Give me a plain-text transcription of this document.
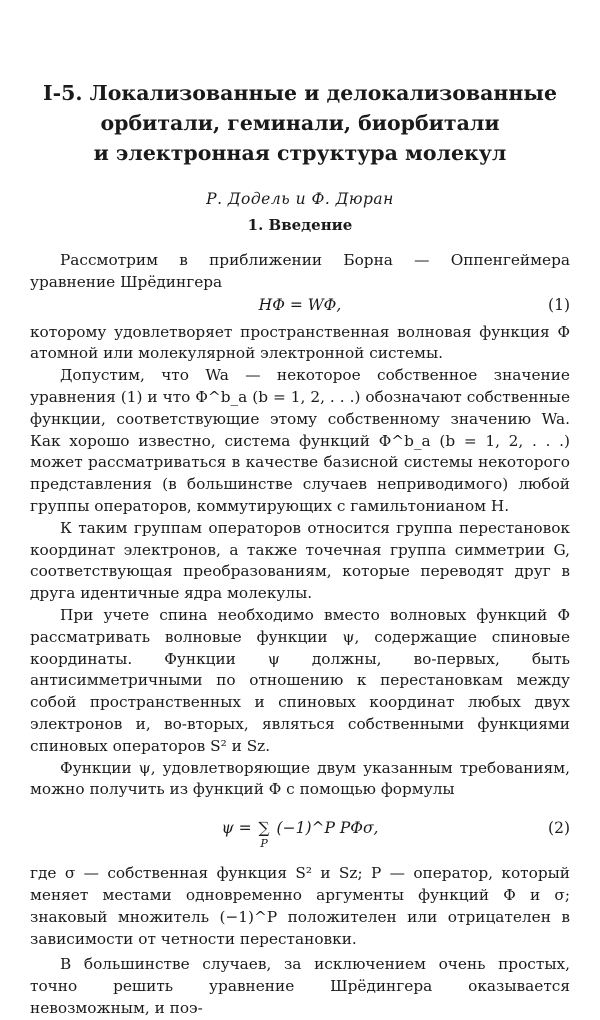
I-5. Локализованные и делокализованные
орбитали, геминали, биорбитали
и электронная структура молекул
Р. Додель и Ф. Дюран
1. Введение

Рассмотрим в приближении Борна — Оппенгеймера уравнение Шрёдингера

HΦ = WΦ,	(1)

которому удовлетворяет пространственная волновая функция Φ атомной или молекулярной электронной системы.

Допустим, что Wa — некоторое собственное значение уравнения (1) и что Φ^b_a (b = 1, 2, . . .) обозначают собственные функции, соответствующие этому собственному значению Wa. Как хорошо известно, система функций Φ^b_a (b = 1, 2, . . .) может рассматриваться в качестве базисной системы некоторого представления (в большинстве случаев неприводимого) любой группы операторов, коммутирующих с гамильтонианом H.

К таким группам операторов относится группа перестановок координат электронов, а также точечная группа симметрии G, соответствующая преобразованиям, которые переводят друг в друга идентичные ядра молекулы.

При учете спина необходимо вместо волновых функций Φ рассматривать волновые функции ψ, содержащие спиновые координаты. Функции ψ должны, во-первых, быть антисимметричными по отношению к перестановкам между собой пространственных и спиновых координат любых двух электронов и, во-вторых, являться собственными функциями спиновых операторов S² и Sz.

Функции ψ, удовлетворяющие двум указанным требованиям, можно получить из функций Φ с помощью формулы

ψ = ∑
P
(−1)^P PΦσ,	(2)

где σ — собственная функция S² и Sz; P — оператор, который меняет местами одновременно аргументы функций Φ и σ; знаковый множитель (−1)^P положителен или отрицателен в зависимости от четности перестановки.

В большинстве случаев, за исключением очень простых, точно решить уравнение Шрёдингера оказывается невозможным, и поэ-
